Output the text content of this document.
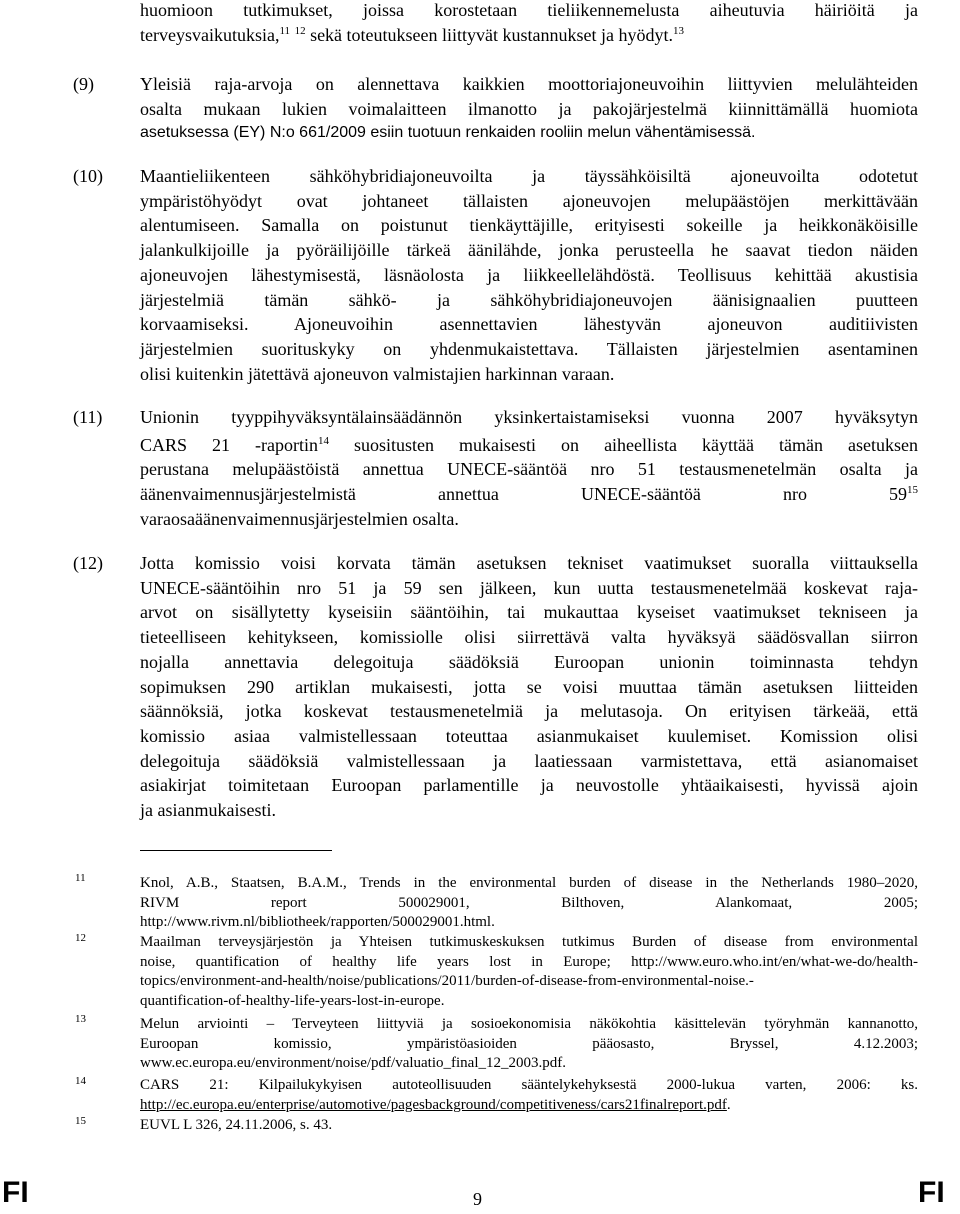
huomioon tutkimukset, joissa korostetaan tieliikennemelusta aiheutuvia häiriöitä ja
terveysvaikutuksia,$^{11}$ $^{12}$ sekä toteutukseen liittyvät kustannukset ja hyödyt.$^{13}$
(9)	Yleisiä raja-arvoja on alennettava kaikkien moottoriajoneuvoihin liittyvien melulähteiden
osalta mukaan lukien voimalaitteen ilmanotto ja pakojärjestelmä kiinnittämällä huomiota
asetuksessa (EY) N:o 661/2009 esiin tuotuun renkaiden rooliin melun vähentämisessä.
(10) Maantieliikenteen sähköhybridiajoneuvoilta ja täyssähköisiltä ajoneuvoilta odotetut
ympäristöhyödyt ovat johtaneet tällaisten ajoneuvojen melupäästöjen merkittävään
alentumiseen. Samalla on poistunut tienkäyttäjille, erityisesti sokeille ja heikkonäköisille
jalankulkijoille ja pyöräilijöille tärkeä äänilähde, jonka perusteella he saavat tiedon näiden
ajoneuvojen lähestymisestä, läsnäolosta ja liikkeellelähdöstä. Teollisuus kehittää akustisia
järjestelmiä tämän sähkö- ja sähköhybridiajoneuvojen äänisignaalien puutteen
korvaamiseksi. Ajoneuvoihin asennettavien lähestyvän ajoneuvon auditiivisten
järjestelmien suorituskyky on yhdenmukaistettava. Tällaisten järjestelmien asentaminen
olisi kuitenkin jätettävä ajoneuvon valmistajien harkinnan varaan.
(11) Unionin tyyppihyväksyntälainsäädännön yksinkertaistamiseksi vuonna 2007 hyväksytyn
CARS 21 -raportin$^{14}$ suositusten mukaisesti on aiheellista käyttää tämän asetuksen
perustana melupäästöistä annettua UNECE-sääntöä nro 51 testausmenetelmän osalta ja
äänenvaimennusjärjestelmistä annettua UNECE-sääntöä nro $59^{15}$
varaosaäänenvaimennusjärjestelmien osalta.
(12) Jotta komissio voisi korvata tämän asetuksen tekniset vaatimukset suoralla viittauksella
UNECE-sääntöihin nro 51 ja 59 sen jälkeen, kun uutta testausmenetelmää koskevat raja-
arvot on sisällytetty kyseisiin sääntöihin, tai mukauttaa kyseiset vaatimukset tekniseen ja
tieteelliseen kehitykseen, komissiolle olisi siirrettävä valta hyväksyä säädösvallan siirron
nojalla annettavia delegoituja säädöksiä Euroopan unionin toiminnasta tehdyn
sopimuksen 290 artiklan mukaisesti, jotta se voisi muuttaa tämän asetuksen liitteiden
säännöksiä, jotka koskevat testausmenetelmiä ja melutasoja. On erityisen tärkeää, että
komissio asiaa valmistellessaan toteuttaa asianmukaiset kuulemiset. Komission olisi
delegoituja säädöksiä valmistellessaan ja laatiessaan varmistettava, että asianomaiset
asiakirjat toimitetaan Euroopan parlamentille ja neuvostolle yhtäaikaisesti, hyvissä ajoin
ja asianmukaisesti.
11	Knol, A.B., Staatsen, B.A.M., Trends in the environmental burden of disease in the Netherlands 1980–2020,
RIVM report 500029001, Bilthoven, Alankomaat, 2005;
http://www.rivm.nl/bibliotheek/rapporten/500029001.html.
12	Maailman terveysjärjestön ja Yhteisen tutkimuskeskuksen tutkimus Burden of disease from environmental
noise, quantification of healthy life years lost in Europe; http://www.euro.who.int/en/what-we-do/health-
topics/environment-and-health/noise/publications/2011/burden-of-disease-from-environmental-noise.-
quantification-of-healthy-life-years-lost-in-europe.
13	Melun arviointi – Terveyteen liittyviä ja sosioekonomisia näkökohtia käsittelevän työryhmän kannanotto,
Euroopan komissio, ympäristöasioiden pääosasto, Bryssel, 4.12.2003;
www.ec.europa.eu/environment/noise/pdf/valuatio_final_12_2003.pdf.
14	CARS 21: Kilpailukykyisen autoteollisuuden sääntelykehyksestä 2000-lukua varten, 2006: ks.
http://ec.europa.eu/enterprise/automotive/pagesbackground/competitiveness/cars21finalreport.pdf.
15	EUVL L 326, 24.11.2006, s. 43.
FI	9	FI
